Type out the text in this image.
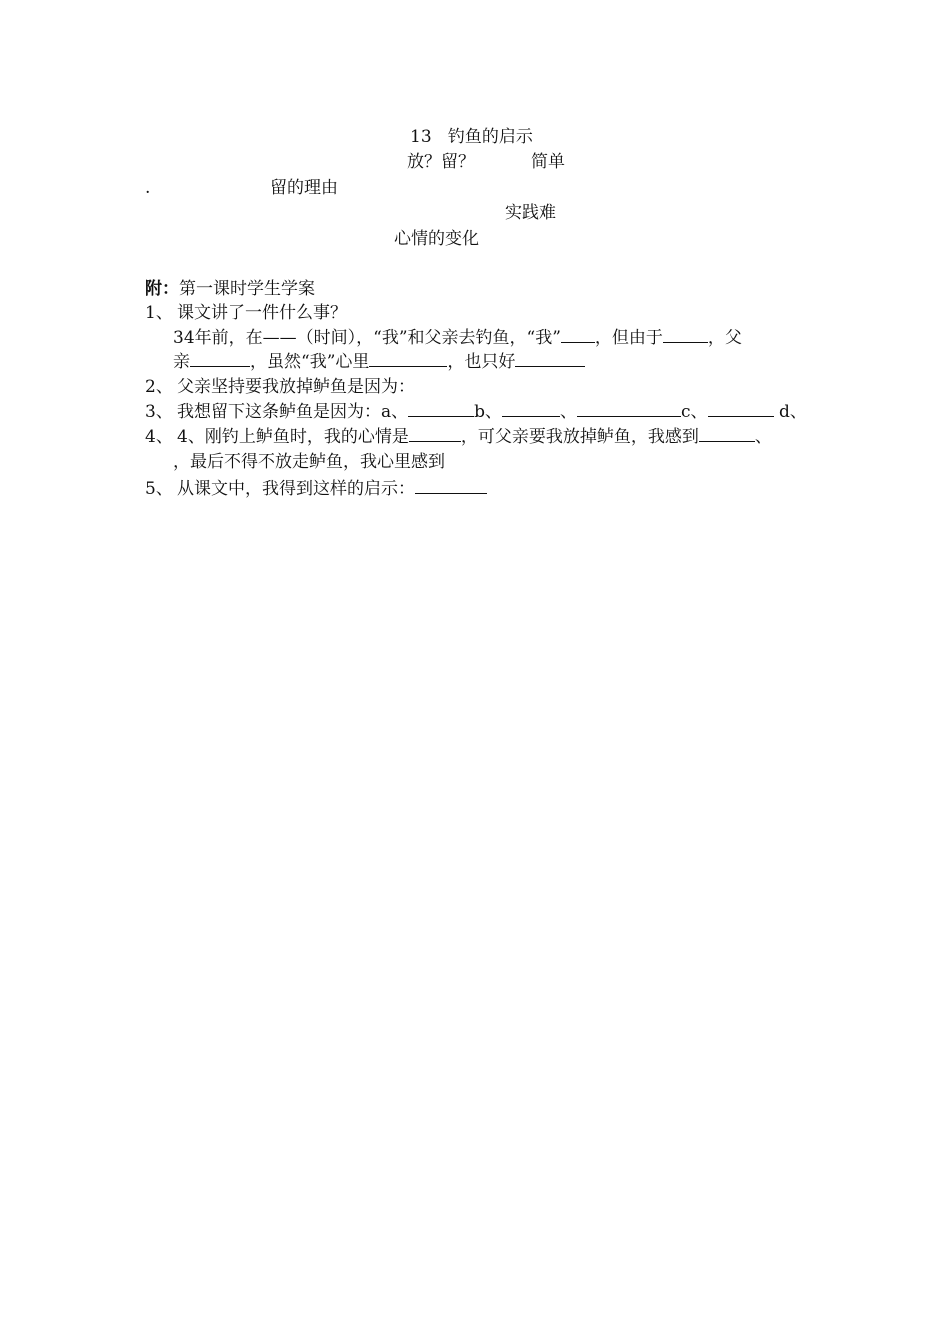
13 钓鱼的启示
放？留？	简单
.	留的理由
实践难
心情的变化
附：第一课时学生学案
1、 课文讲了一件什么事？
34年前，在——（时间），“我”和父亲去钓鱼，“我” ，但由于	，父
亲	，虽然“我”心里	，也只好
2、 父亲坚持要我放掉鲈鱼是因为：
3、 我想留下这条鲈鱼是因为：a、	b、	、	c、	d、
4、 4、刚钓上鲈鱼时，我的心情是	，可父亲要我放掉鲈鱼，我感到	、
，最后不得不放走鲈鱼，我心里感到
5、 从课文中，我得到这样的启示：
